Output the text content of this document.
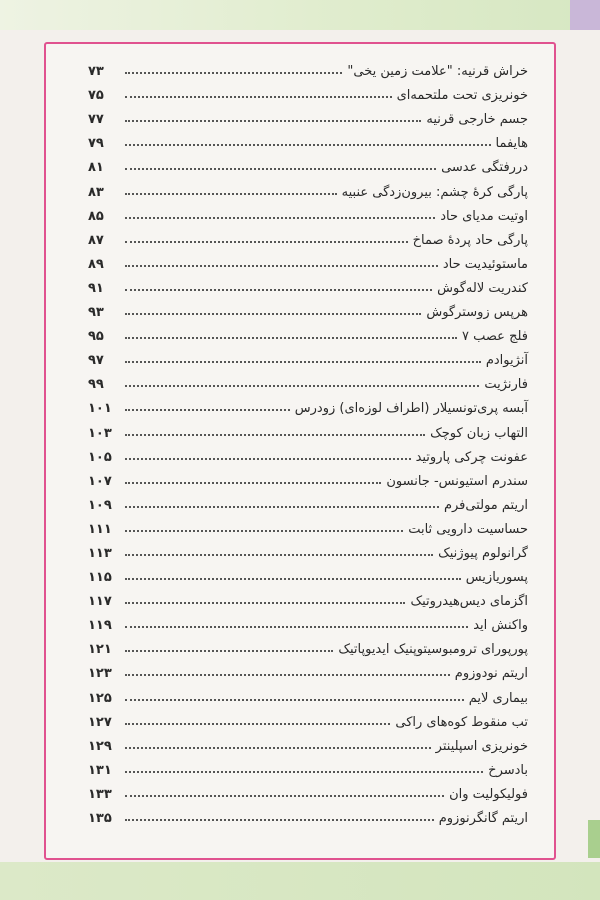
خراش قرنیه: "علامت زمین یخی"
۷۳
خونریزی تحت ملتحمه‌ای
۷۵
جسم خارجی قرنیه
۷۷
هایفما
۷۹
دررفتگی عدسی
۸۱
پارگی کرهٔ چشم: بیرون‌زدگی عنبیه
۸۳
اوتیت مدیای حاد
۸۵
پارگی حاد پردهٔ صماخ
۸۷
ماستوئیدیت حاد
۸۹
کندریت لاله‌گوش
۹۱
هرپس زوسترگوش
۹۳
فلج عصب ۷
۹۵
آنژیوادم
۹۷
فارنژیت
۹۹
آبسه پری‌تونسیلار (اطراف لوزه‌ای) زودرس
۱۰۱
التهاب زبان کوچک
۱۰۳
عفونت چرکی پاروتید
۱۰۵
سندرم استیونس- جانسون
۱۰۷
اریتم مولتی‌فرم
۱۰۹
حساسیت دارویی ثابت
۱۱۱
گرانولوم پیوژنیک
۱۱۳
پسوریازیس
۱۱۵
اگزمای دیس‌هیدروتیک
۱۱۷
واکنش اید
۱۱۹
پورپورای ترومبوسیتوپنیک ایدیوپاتیک
۱۲۱
اریتم نودوزوم
۱۲۳
بیماری لایم
۱۲۵
تب منقوط کوه‌های راکی
۱۲۷
خونریزی اسپلینتر
۱۲۹
بادسرخ
۱۳۱
فولیکولیت وان
۱۳۳
اریتم گانگرنوزوم
۱۳۵
